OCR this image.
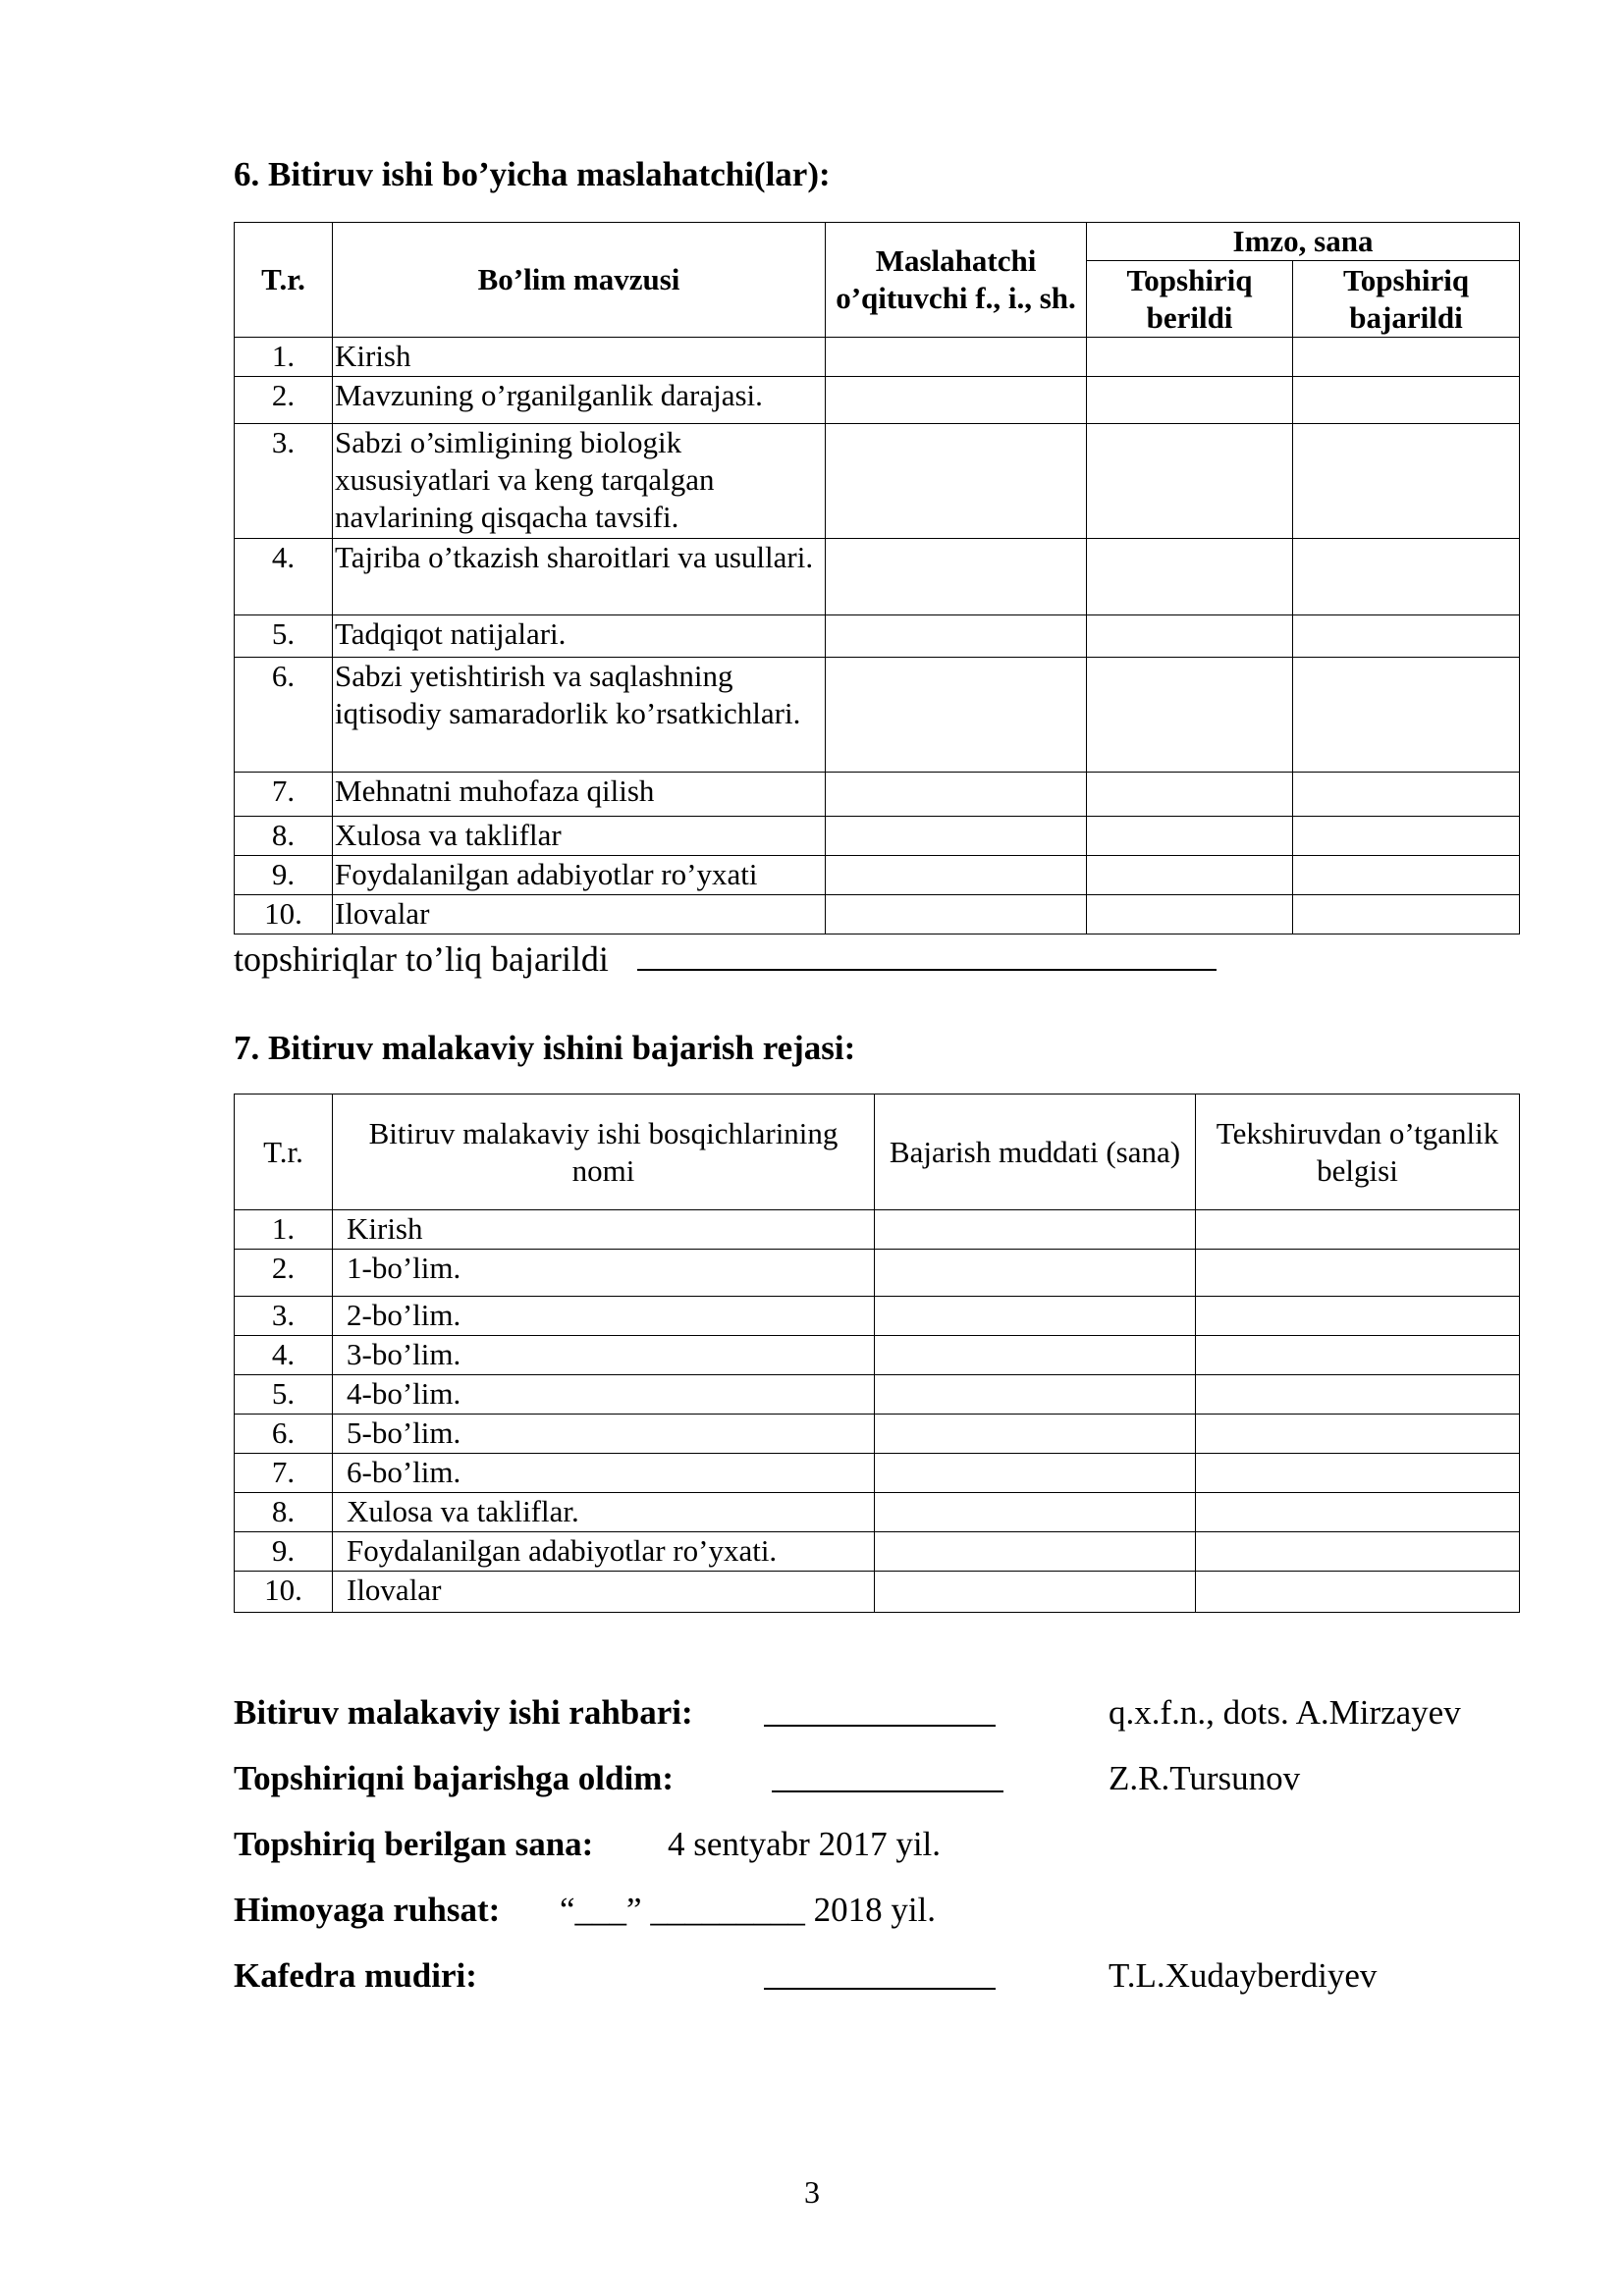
6. Bitiruv ishi bo’yicha maslahatchi(lar):
T.r.	Bo’lim mavzusi	Maslahatchi o’qituvchi f., i., sh.	Imzo, sana	
			Topshiriq berildi	Topshiriq bajarildi
1.	Kirish			
2.	Mavzuning o’rganilganlik darajasi.			
3.	Sabzi o’simligining biologik xususiyatlari va keng tarqalgan navlarining qisqacha tavsifi.			
4.	Tajriba o’tkazish sharoitlari va usullari.			
5.	Tadqiqot natijalari.			
6.	Sabzi yetishtirish va saqlashning iqtisodiy samaradorlik ko’rsatkichlari.			
7.	Mehnatni muhofaza qilish			
8.	Xulosa va takliflar			
9.	Foydalanilgan adabiyotlar ro’yxati			
10.	Ilovalar			
topshiriqlar to’liq bajarildi
7. Bitiruv malakaviy ishini bajarish rejasi:
T.r.	Bitiruv malakaviy ishi bosqichlarining nomi	Bajarish muddati (sana)	Tekshiruvdan o’tganlik belgisi
1.	Kirish		
2.	1-bo’lim.		
3.	2-bo’lim.		
4.	3-bo’lim.		
5.	4-bo’lim.		
6.	5-bo’lim.		
7.	6-bo’lim.		
8.	Xulosa va takliflar.		
9.	Foydalanilgan adabiyotlar ro’yxati.		
10.	Ilovalar		
Bitiruv malakaviy ishi rahbari:	q.x.f.n., dots. A.Mirzayev
Topshiriqni bajarishga oldim:	Z.R.Tursunov
Topshiriq berilgan sana: 4 sentyabr 2017 yil.
Himoyaga ruhsat: “___” _________ 2018 yil.
Kafedra mudiri:	T.L.Xudayberdiyev
3
